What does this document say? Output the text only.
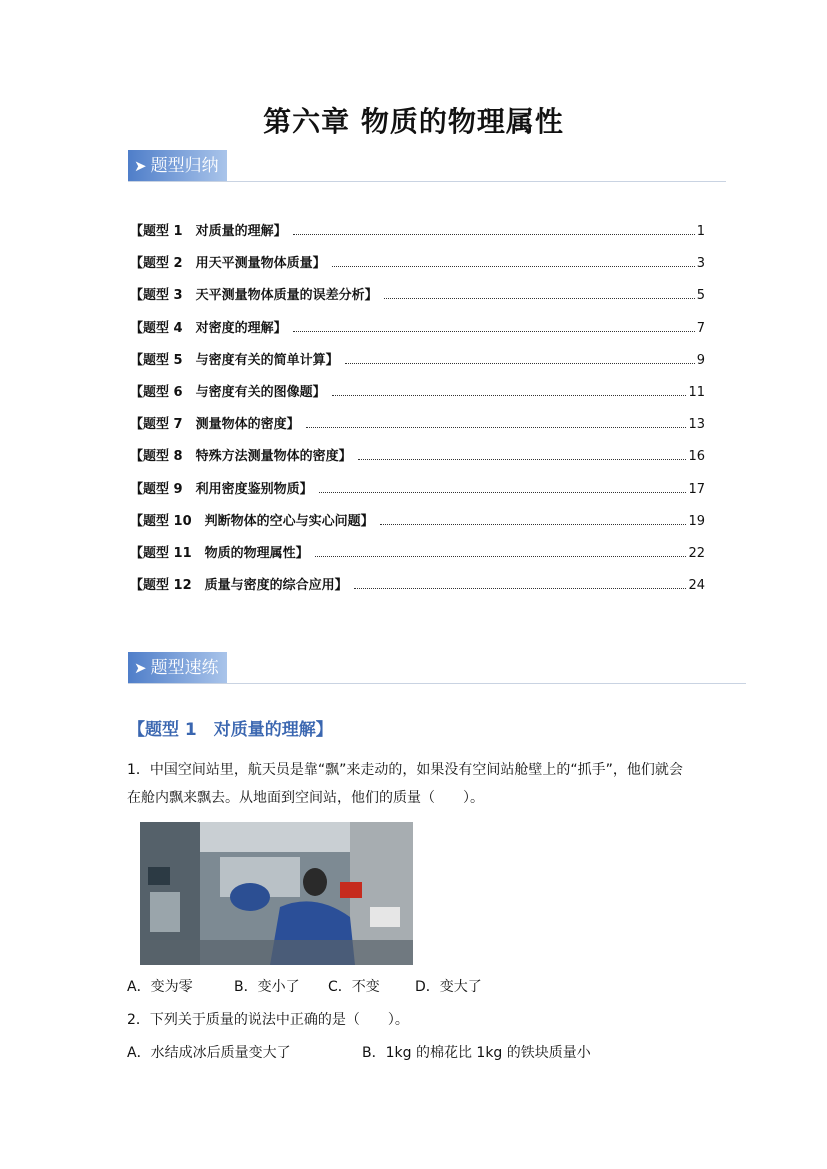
第六章 物质的物理属性
➤ 题型归纳
【题型 1　对质量的理解】	1
【题型 2　用天平测量物体质量】	3
【题型 3　天平测量物体质量的误差分析】	5
【题型 4　对密度的理解】	7
【题型 5　与密度有关的简单计算】	9
【题型 6　与密度有关的图像题】	11
【题型 7　测量物体的密度】	13
【题型 8　特殊方法测量物体的密度】	16
【题型 9　利用密度鉴别物质】	17
【题型 10　判断物体的空心与实心问题】	19
【题型 11　物质的物理属性】	22
【题型 12　质量与密度的综合应用】	24
➤ 题型速练
【题型 1　对质量的理解】
1．中国空间站里，航天员是靠“飘”来走动的，如果没有空间站舱壁上的“抓手”，他们就会
在舱内飘来飘去。从地面到空间站，他们的质量（　　）。
A．变为零	B．变小了 C．不变	D．变大了
2．下列关于质量的说法中正确的是（　　）。
A．水结成冰后质量变大了	B．1kg 的棉花比 1kg 的铁块质量小
